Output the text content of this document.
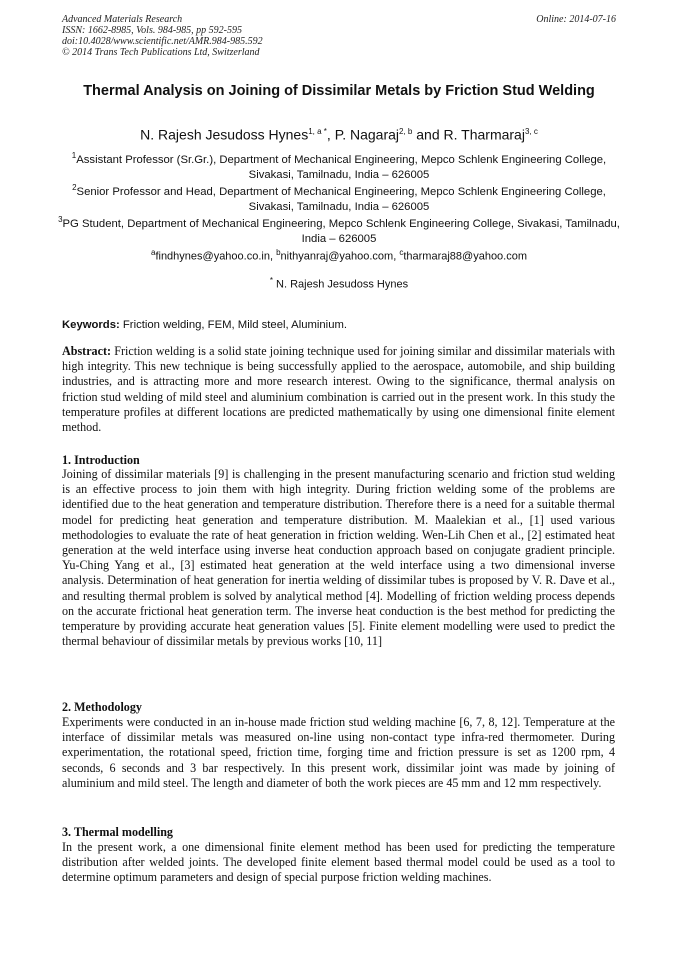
Advanced Materials Research
ISSN: 1662-8985, Vols. 984-985, pp 592-595
doi:10.4028/www.scientific.net/AMR.984-985.592
© 2014 Trans Tech Publications Ltd, Switzerland
Online: 2014-07-16
Thermal Analysis on Joining of Dissimilar Metals by Friction Stud Welding
N. Rajesh Jesudoss Hynes$^{1, a *}$, P. Nagaraj$^{2, b}$ and R. Tharmaraj$^{3, c}$
$^1$Assistant Professor (Sr.Gr.), Department of Mechanical Engineering, Mepco Schlenk Engineering College, Sivakasi, Tamilnadu, India – 626005
$^2$Senior Professor and Head, Department of Mechanical Engineering, Mepco Schlenk Engineering College, Sivakasi, Tamilnadu, India – 626005
$^3$PG Student, Department of Mechanical Engineering, Mepco Schlenk Engineering College, Sivakasi, Tamilnadu, India – 626005
$^a$findhynes@yahoo.co.in, $^b$nithyanraj@yahoo.com, $^c$tharmaraj88@yahoo.com
* N. Rajesh Jesudoss Hynes
Keywords: Friction welding, FEM, Mild steel, Aluminium.

Abstract: Friction welding is a solid state joining technique used for joining similar and dissimilar materials with high integrity. This new technique is being successfully applied to the aerospace, automobile, and ship building industries, and is attracting more and more research interest. Owing to the significance, thermal analysis on friction stud welding of mild steel and aluminium combination is carried out in the present work. In this study the temperature profiles at different locations are predicted mathematically by using one dimensional finite element method.

1. Introduction

Joining of dissimilar materials [9] is challenging in the present manufacturing scenario and friction stud welding is an effective process to join them with high integrity. During friction welding some of the problems are identified due to the heat generation and temperature distribution. Therefore there is a need for a suitable thermal model for predicting heat generation and temperature distribution. M. Maalekian et al., [1] used various methodologies to evaluate the rate of heat generation in friction welding. Wen-Lih Chen et al., [2] estimated heat generation at the weld interface using inverse heat conduction approach based on conjugate gradient principle. Yu-Ching Yang et al., [3] estimated heat generation at the weld interface using a two dimensional inverse analysis. Determination of heat generation for inertia welding of dissimilar tubes is proposed by V. R. Dave et al., and resulting thermal problem is solved by analytical method [4]. Modelling of friction welding process depends on the accurate frictional heat generation term. The inverse heat conduction is the best method for predicting the temperature by providing accurate heat generation values [5]. Finite element modelling were used to predict the thermal behaviour of dissimilar metals by previous works [10, 11]

2. Methodology

Experiments were conducted in an in-house made friction stud welding machine [6, 7, 8, 12]. Temperature at the interface of dissimilar metals was measured on-line using non-contact type infra-red thermometer. During experimentation, the rotational speed, friction time, forging time and friction pressure is set as 1200 rpm, 4 seconds, 6 seconds and 3 bar respectively. In this present work, dissimilar joint was made by joining of aluminium and mild steel. The length and diameter of both the work pieces are 45 mm and 12 mm respectively.

3. Thermal modelling

In the present work, a one dimensional finite element method has been used for predicting the temperature distribution after welded joints. The developed finite element based thermal model could be used as a tool to determine optimum parameters and design of special purpose friction welding machines.
